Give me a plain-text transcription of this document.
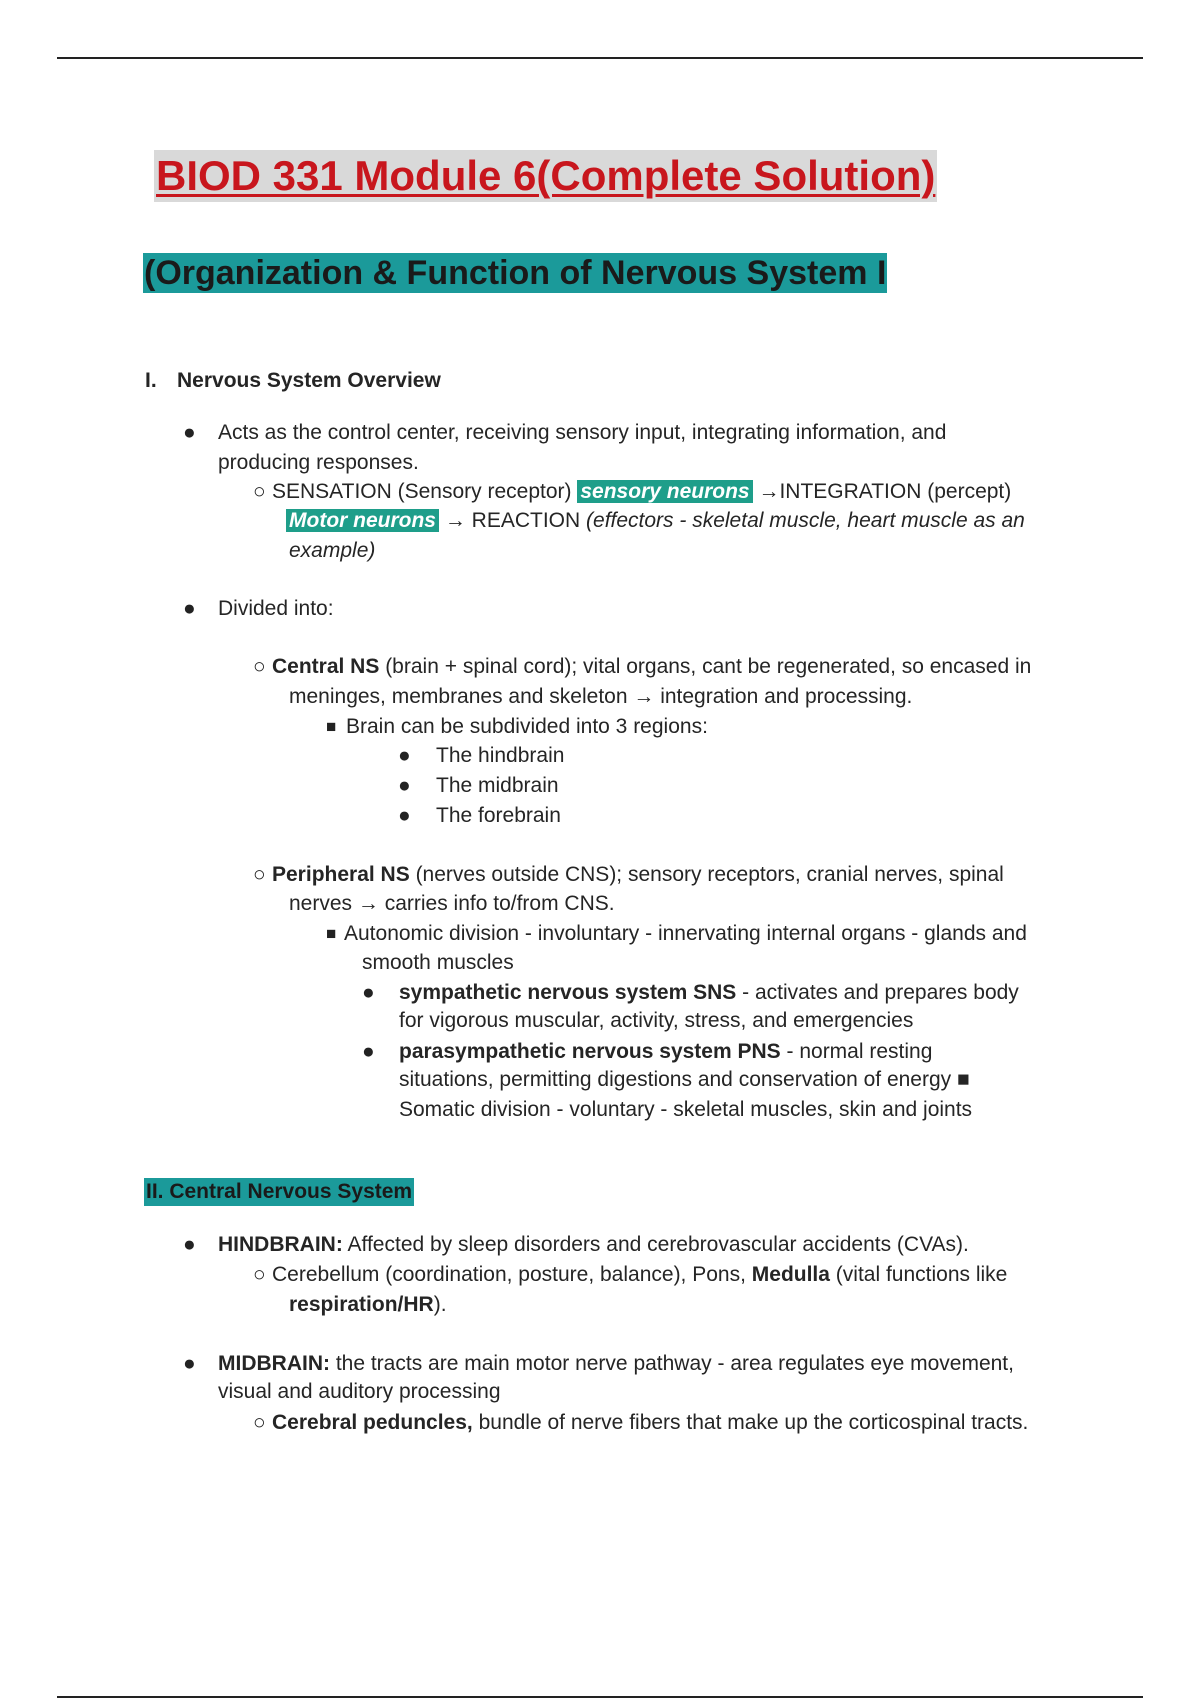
BIOD 331 Module 6(Complete Solution)
(Organization & Function of Nervous System I
I. Nervous System Overview
● Acts as the control center, receiving sensory input, integrating information, and
producing responses.
○ SENSATION (Sensory receptor) sensory neurons →INTEGRATION (percept)
Motor neurons → REACTION (effectors - skeletal muscle, heart muscle as an
example)
● Divided into:
○ Central NS (brain + spinal cord); vital organs, cant be regenerated, so encased in
meninges, membranes and skeleton → integration and processing.
■ Brain can be subdivided into 3 regions:
● The hindbrain
● The midbrain
● The forebrain
○ Peripheral NS (nerves outside CNS); sensory receptors, cranial nerves, spinal
nerves → carries info to/from CNS.
■ Autonomic division - involuntary - innervating internal organs - glands and
smooth muscles
● sympathetic nervous system SNS - activates and prepares body
for vigorous muscular, activity, stress, and emergencies
● parasympathetic nervous system PNS - normal resting
situations, permitting digestions and conservation of energy ■
Somatic division - voluntary - skeletal muscles, skin and joints
II. Central Nervous System
● HINDBRAIN: Affected by sleep disorders and cerebrovascular accidents (CVAs).
○ Cerebellum (coordination, posture, balance), Pons, Medulla (vital functions like
respiration/HR).
● MIDBRAIN: the tracts are main motor nerve pathway - area regulates eye movement,
visual and auditory processing
○ Cerebral peduncles, bundle of nerve fibers that make up the corticospinal tracts.
